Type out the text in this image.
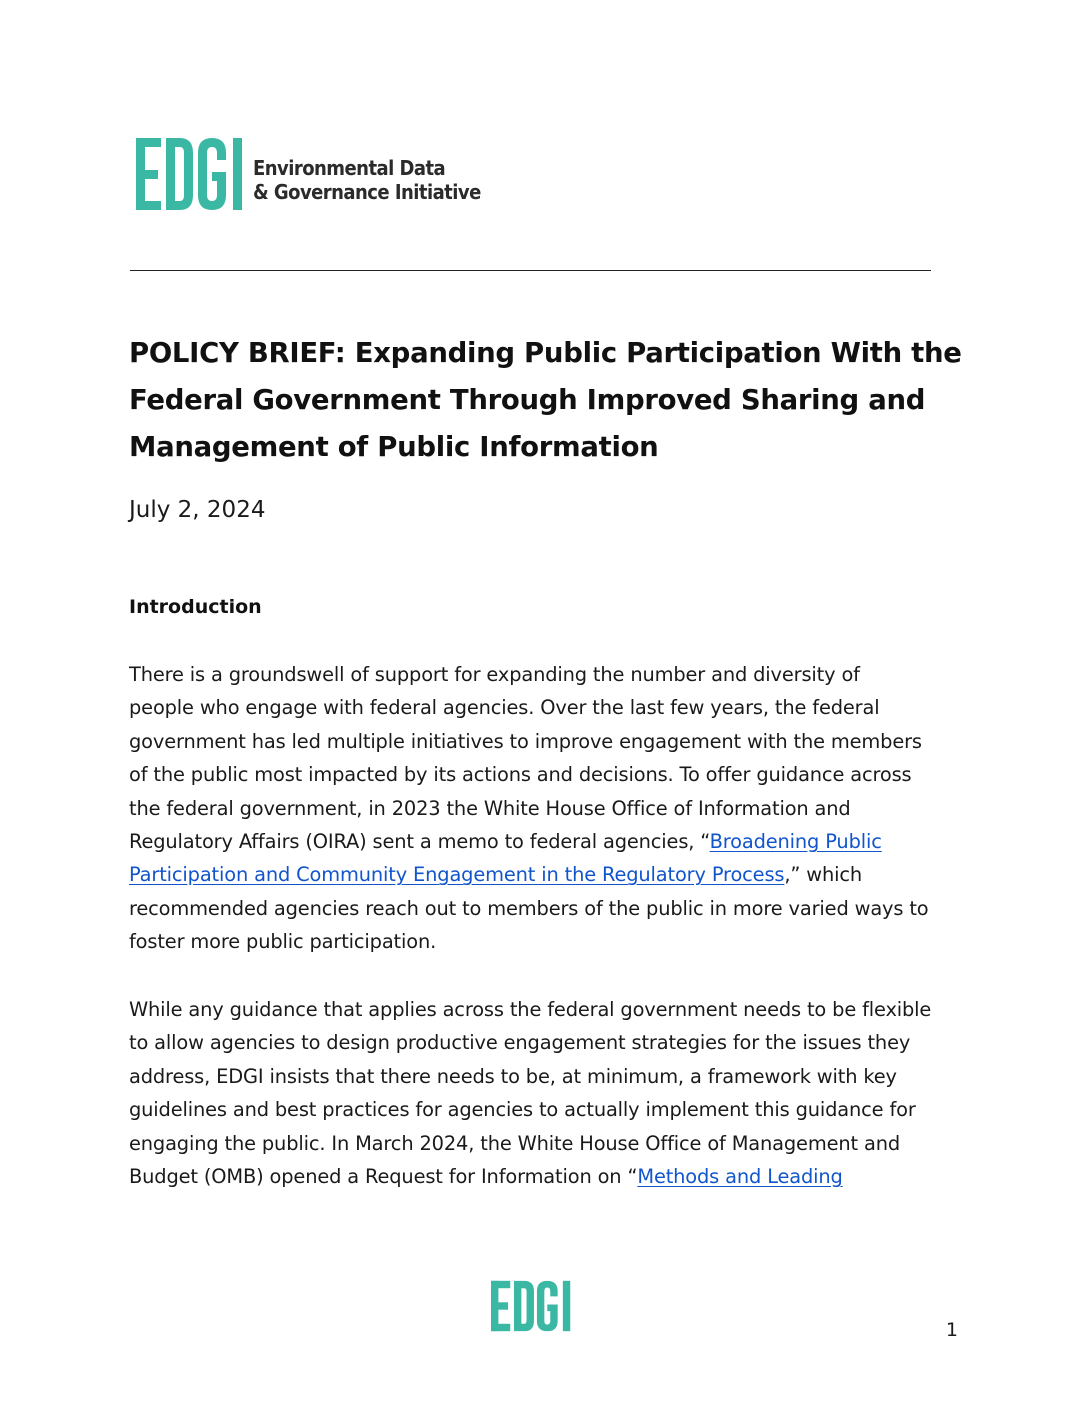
Environmental Data
& Governance Initiative
POLICY BRIEF: Expanding Public Participation With the
Federal Government Through Improved Sharing and
Management of Public Information

July 2, 2024

Introduction

There is a groundswell of support for expanding the number and diversity of
people who engage with federal agencies. Over the last few years, the federal
government has led multiple initiatives to improve engagement with the members
of the public most impacted by its actions and decisions. To offer guidance across
the federal government, in 2023 the White House Office of Information and
Regulatory Affairs (OIRA) sent a memo to federal agencies, “Broadening Public
Participation and Community Engagement in the Regulatory Process,” which
recommended agencies reach out to members of the public in more varied ways to
foster more public participation.

While any guidance that applies across the federal government needs to be flexible
to allow agencies to design productive engagement strategies for the issues they
address, EDGI insists that there needs to be, at minimum, a framework with key
guidelines and best practices for agencies to actually implement this guidance for
engaging the public. In March 2024, the White House Office of Management and
Budget (OMB) opened a Request for Information on “Methods and Leading

1
